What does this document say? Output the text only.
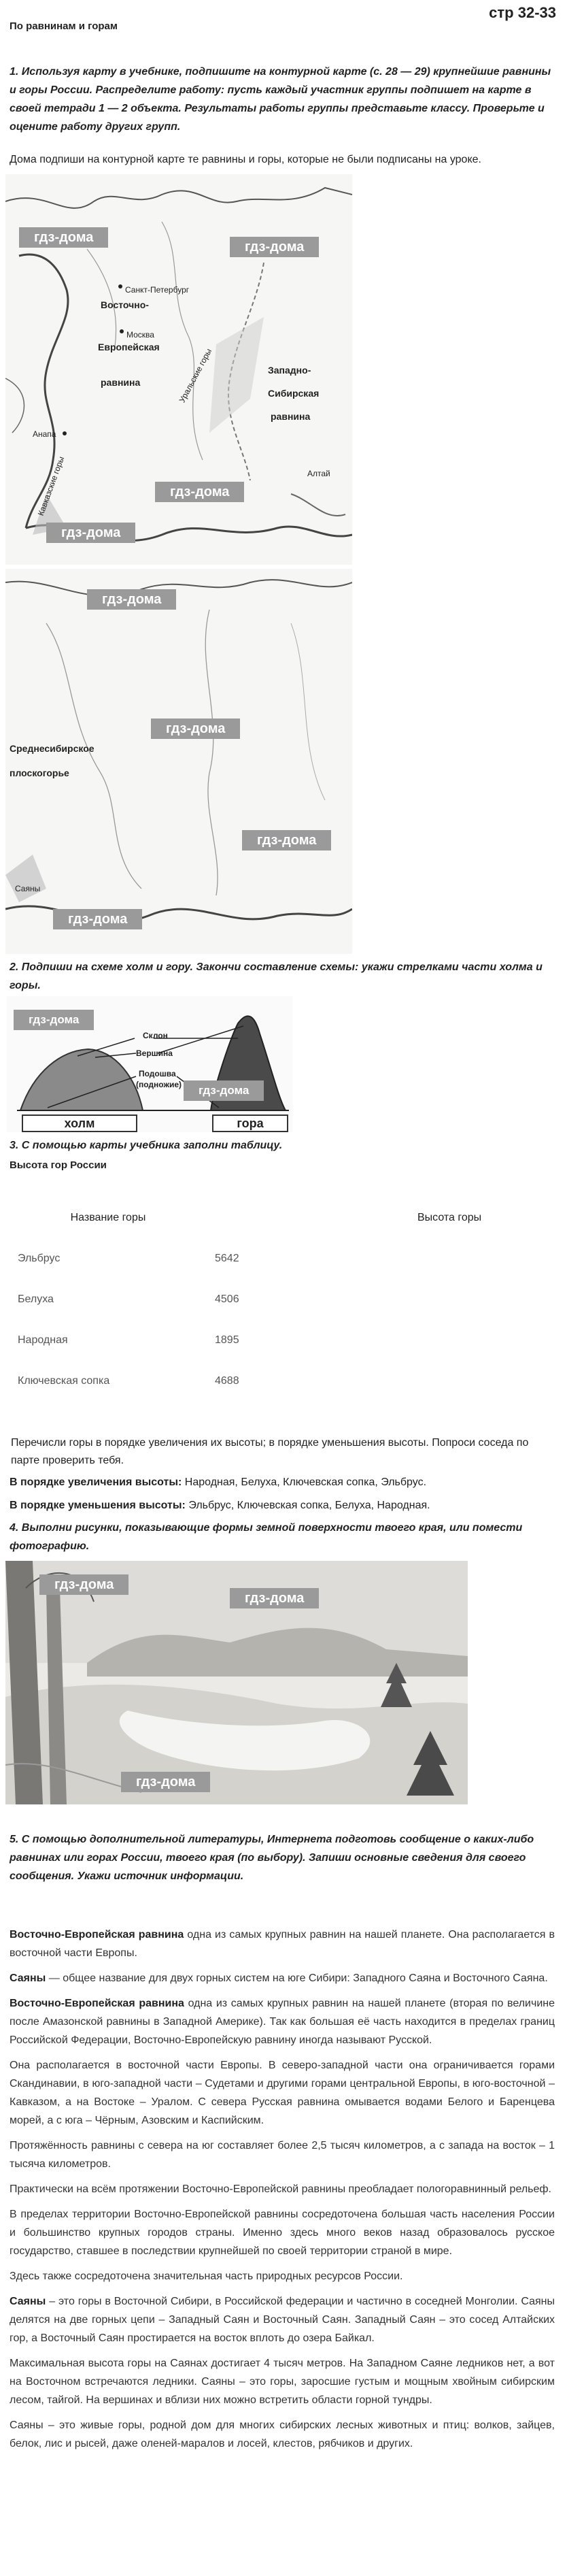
стр 32-33
По равнинам и горам

1. Используя карту в учебнике, подпишите на контурной карте (с. 28 — 29) крупнейшие равнины и горы России. Распределите работу: пусть каждый участник группы подпишет на карте в своей тетради 1 — 2 объекта. Результаты работы группы представьте классу. Проверьте и оцените работу других групп.

Дома подпиши на контурной карте те равнины и горы, которые не были подписаны на уроке.

гдз-дома
гдз-дома
гдз-дома
гдз-дома
Санкт-Петербург
Москва
Восточно-
Европейская
равнина	Уральские горы	Западно-
Сибирская
равнина
Анапа
Кавказские горы	Алтай
гдз-дома
гдз-дома
гдз-дома
гдз-дома
Среднесибирское
плоскогорье
Саяны

2. Подпиши на схеме холм и гору. Закончи составление схемы: укажи стрелками части холма и горы.

гдз-дома
гдз-дома
Склон
Вершина
Подошва
(подножие)
холм	гора

3. С помощью карты учебника заполни таблицу.

Высота гор России
Название горы	Высота горы
Эльбрус	5642
Белуха	4506
Народная	1895
Ключевская сопка	4688

Перечисли горы в порядке увеличения их высоты; в порядке уменьшения высоты. Попроси соседа по парте проверить тебя.

В порядке увеличения высоты: Народная, Белуха, Ключевская сопка, Эльбрус.
В порядке уменьшения высоты: Эльбрус, Ключевская сопка, Белуха, Народная.

4. Выполни рисунки, показывающие формы земной поверхности твоего края, или помести фотографию.

гдз-дома
гдз-дома
гдз-дома

5. С помощью дополнительной литературы, Интернета подготовь сообщение о каких-либо равнинах или горах России, твоего края (по выбору). Запиши основные сведения для своего сообщения. Укажи источник информации.

Восточно-Европейская равнина одна из самых крупных равнин на нашей планете. Она располагается в восточной части Европы.

Саяны — общее название для двух горных систем на юге Сибири: Западного Саяна и Восточного Саяна.

Восточно-Европейская равнина одна из самых крупных равнин на нашей планете (вторая по величине после Амазонской равнины в Западной Америке). Так как большая её часть находится в пределах границ Российской Федерации, Восточно-Европейскую равнину иногда называют Русской.

Она располагается в восточной части Европы. В северо-западной части она ограничивается горами Скандинавии, в юго-западной части – Судетами и другими горами центральной Европы, в юго-восточной – Кавказом, а на Востоке – Уралом. С севера Русская равнина омывается водами Белого и Баренцева морей, а с юга – Чёрным, Азовским и Каспийским.

Протяжённость равнины с севера на юг составляет более 2,5 тысяч километров, а с запада на восток – 1 тысяча километров.

Практически на всём протяжении Восточно-Европейской равнины преобладает пологоравнинный рельеф.

В пределах территории Восточно-Европейской равнины сосредоточена большая часть населения России и большинство крупных городов страны. Именно здесь много веков назад образовалось русское государство, ставшее в последствии крупнейшей по своей территории страной в мире.

Здесь также сосредоточена значительная часть природных ресурсов России.

Саяны – это горы в Восточной Сибири, в Российской федерации и частично в соседней Монголии. Саяны делятся на две горных цепи – Западный Саян и Восточный Саян. Западный Саян – это сосед Алтайских гор, а Восточный Саян простирается на восток вплоть до озера Байкал.

Максимальная высота горы на Саянах достигает 4 тысяч метров. На Западном Саяне ледников нет, а вот на Восточном встречаются ледники. Саяны – это горы, заросшие густым и мощным хвойным сибирским лесом, тайгой. На вершинах и вблизи них можно встретить области горной тундры.

Саяны – это живые горы, родной дом для многих сибирских лесных животных и птиц: волков, зайцев, белок, лис и рысей, даже оленей-маралов и лосей, клестов, рябчиков и других.
